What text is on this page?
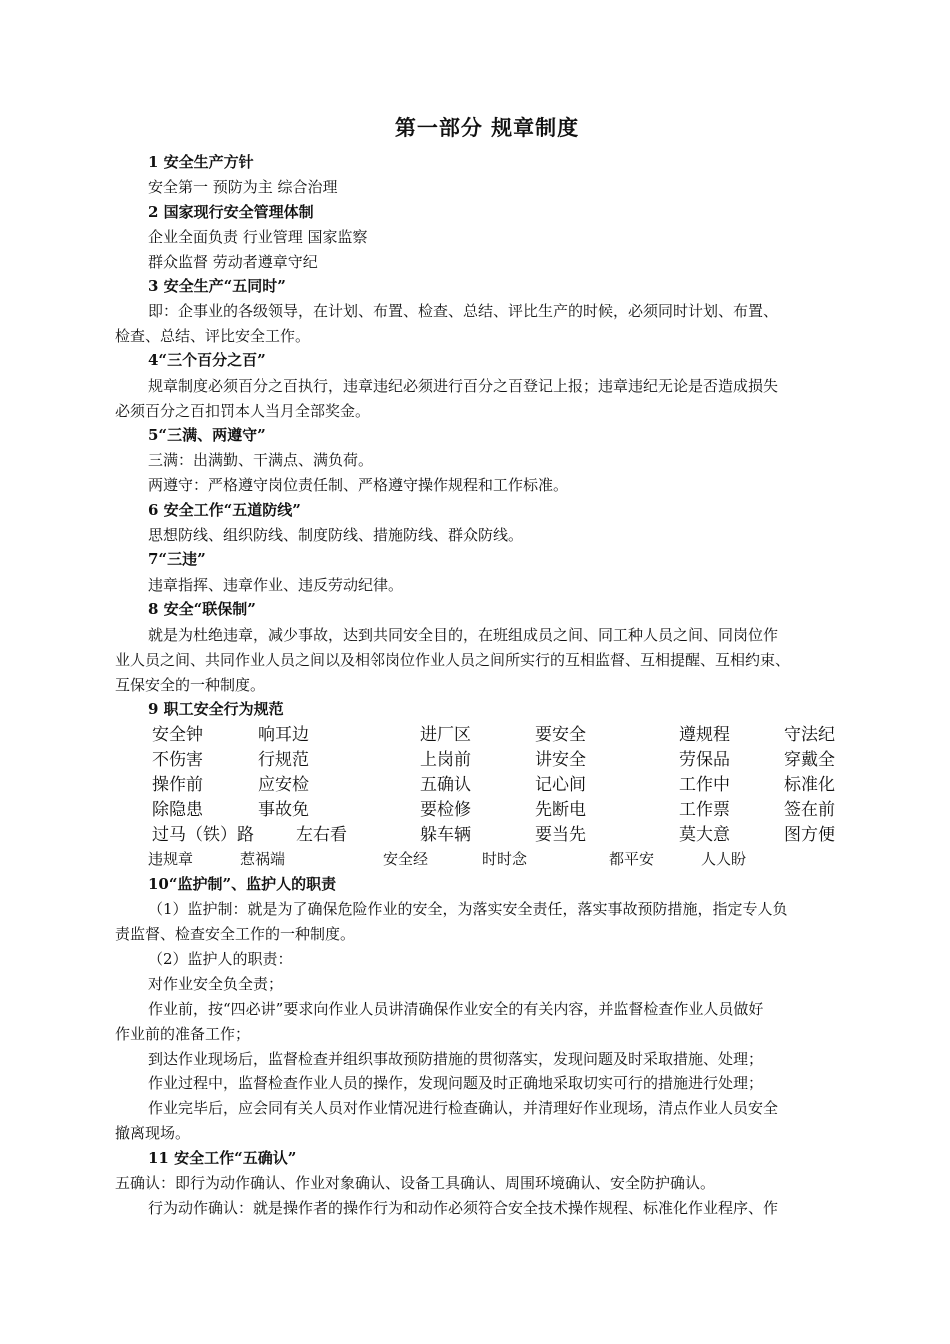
第一部分 规章制度
1 安全生产方针
安全第一 预防为主 综合治理
2 国家现行安全管理体制
企业全面负责 行业管理 国家监察
群众监督 劳动者遵章守纪
3 安全生产“五同时”
即：企事业的各级领导，在计划、布置、检查、总结、评比生产的时候，必须同时计划、布置、
检查、总结、评比安全工作。
4“三个百分之百”
规章制度必须百分之百执行，违章违纪必须进行百分之百登记上报；违章违纪无论是否造成损失
必须百分之百扣罚本人当月全部奖金。
5“三满、两遵守”
三满：出满勤、干满点、满负荷。
两遵守：严格遵守岗位责任制、严格遵守操作规程和工作标准。
6 安全工作“五道防线”
思想防线、组织防线、制度防线、措施防线、群众防线。
7“三违”
违章指挥、违章作业、违反劳动纪律。
8 安全“联保制”
就是为杜绝违章，减少事故，达到共同安全目的，在班组成员之间、同工种人员之间、同岗位作
业人员之间、共同作业人员之间以及相邻岗位作业人员之间所实行的互相监督、互相提醒、互相约束、
互保安全的一种制度。
9 职工安全行为规范
安全钟	响耳边	进厂区	要安全	遵规程	守法纪
不伤害	行规范	上岗前	讲安全	劳保品	穿戴全
操作前	应安检	五确认	记心间	工作中	标准化
除隐患	事故免	要检修	先断电	工作票	签在前
过马（铁）路 左右看	躲车辆	要当先	莫大意	图方便
违规章	惹祸端	安全经	时时念	都平安	人人盼
10“监护制”、监护人的职责
（1）监护制：就是为了确保危险作业的安全，为落实安全责任，落实事故预防措施，指定专人负
责监督、检查安全工作的一种制度。
（2）监护人的职责：
对作业安全负全责；
作业前，按“四必讲”要求向作业人员讲清确保作业安全的有关内容，并监督检查作业人员做好
作业前的准备工作；
到达作业现场后，监督检查并组织事故预防措施的贯彻落实，发现问题及时采取措施、处理；
作业过程中，监督检查作业人员的操作，发现问题及时正确地采取切实可行的措施进行处理；
作业完毕后，应会同有关人员对作业情况进行检查确认，并清理好作业现场，清点作业人员安全
撤离现场。
11 安全工作“五确认”
五确认：即行为动作确认、作业对象确认、设备工具确认、周围环境确认、安全防护确认。
行为动作确认：就是操作者的操作行为和动作必须符合安全技术操作规程、标准化作业程序、作
